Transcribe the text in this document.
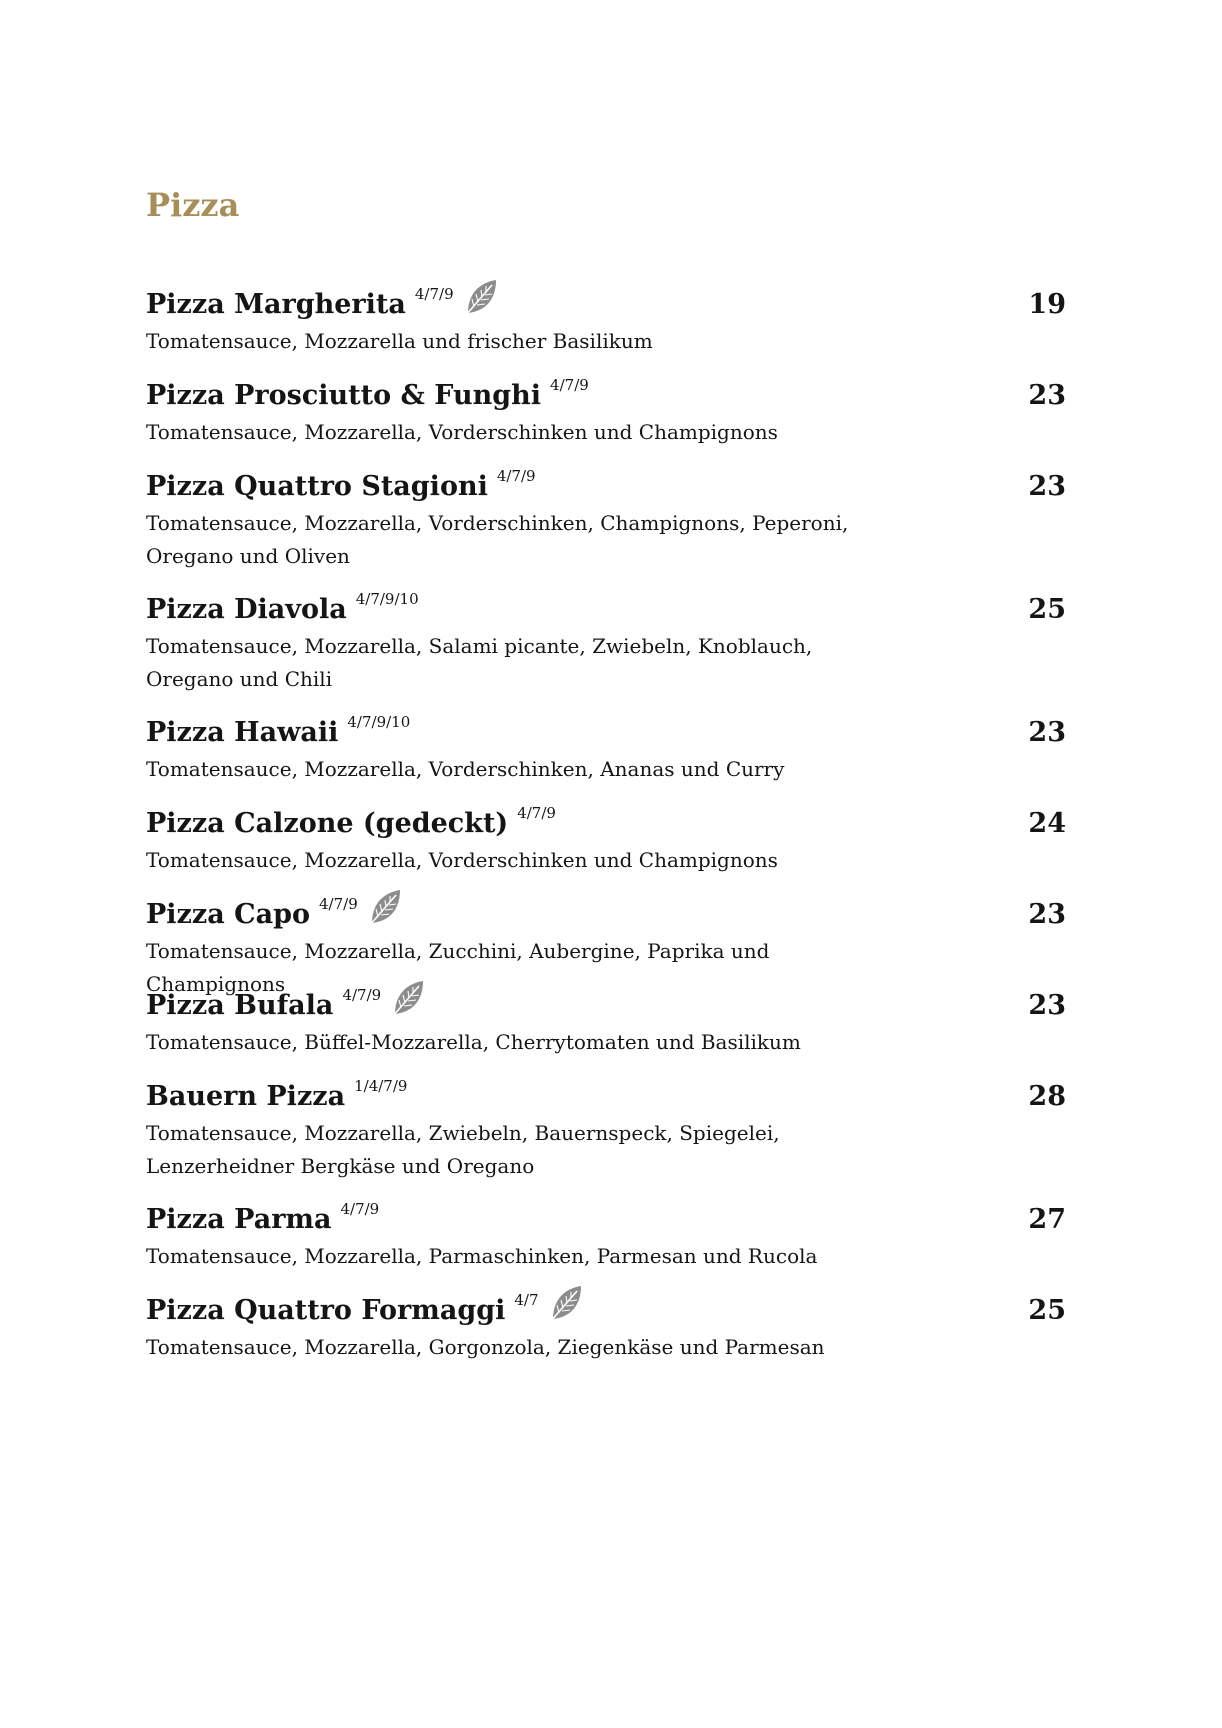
Pizza
Pizza Margherita 4/7/9	19

Tomatensauce, Mozzarella und frischer Basilikum

Pizza Prosciutto & Funghi 4/7/9	23

Tomatensauce, Mozzarella, Vorderschinken und Champignons

Pizza Quattro Stagioni 4/7/9	23

Tomatensauce, Mozzarella, Vorderschinken, Champignons, Peperoni, Oregano und Oliven

Pizza Diavola 4/7/9/10	25

Tomatensauce, Mozzarella, Salami picante, Zwiebeln, Knoblauch, Oregano und Chili

Pizza Hawaii 4/7/9/10	23

Tomatensauce, Mozzarella, Vorderschinken, Ananas und Curry

Pizza Calzone (gedeckt) 4/7/9	24

Tomatensauce, Mozzarella, Vorderschinken und Champignons

Pizza Capo 4/7/9	23

Tomatensauce, Mozzarella, Zucchini, Aubergine, Paprika und Champignons

Pizza Bufala 4/7/9	23

Tomatensauce, Büffel-Mozzarella, Cherrytomaten und Basilikum

Bauern Pizza 1/4/7/9	28

Tomatensauce, Mozzarella, Zwiebeln, Bauernspeck, Spiegelei, Lenzerheidner Bergkäse und Oregano

Pizza Parma 4/7/9	27

Tomatensauce, Mozzarella, Parmaschinken, Parmesan und Rucola

Pizza Quattro Formaggi 4/7	25

Tomatensauce, Mozzarella, Gorgonzola, Ziegenkäse und Parmesan
